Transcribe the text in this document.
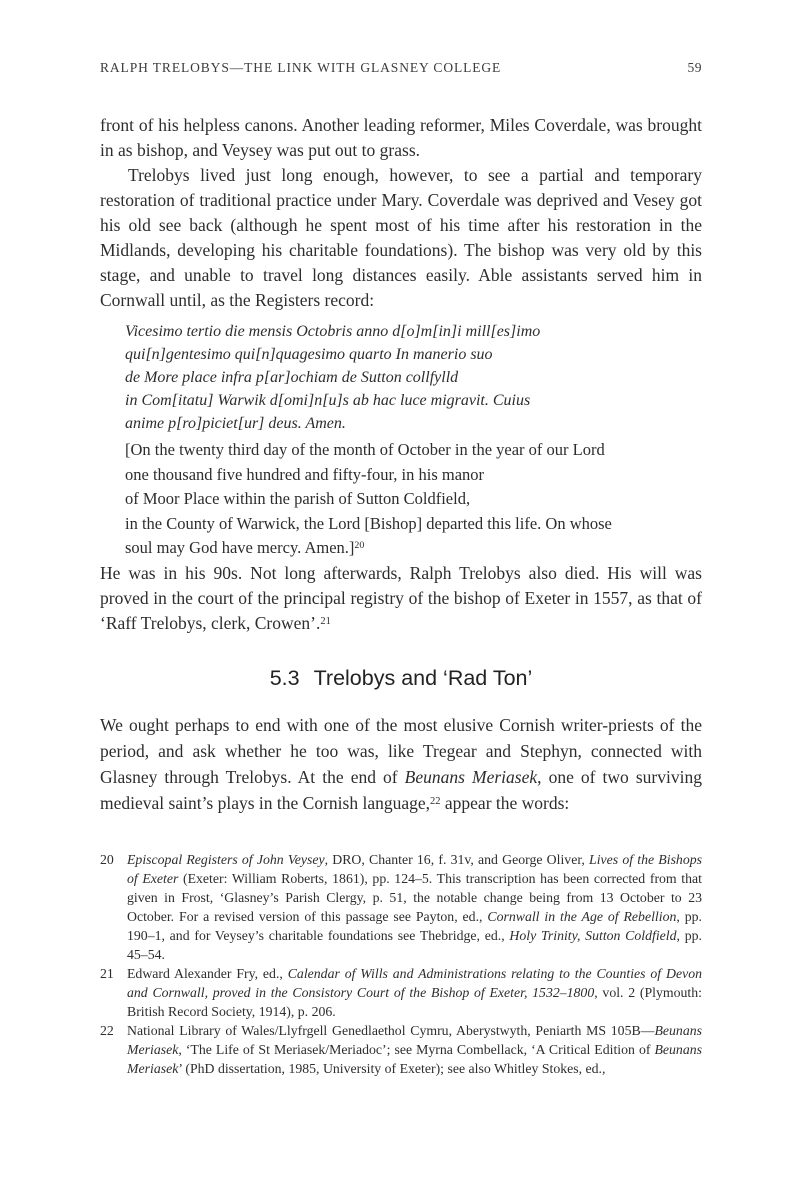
RALPH TRELOBYS—THE LINK WITH GLASNEY COLLEGE	59

front of his helpless canons. Another leading reformer, Miles Coverdale, was brought in as bishop, and Veysey was put out to grass.

Trelobys lived just long enough, however, to see a partial and temporary restoration of traditional practice under Mary. Coverdale was deprived and Vesey got his old see back (although he spent most of his time after his restoration in the Midlands, developing his charitable foundations). The bishop was very old by this stage, and unable to travel long distances easily. Able assistants served him in Cornwall until, as the Registers record:

Vicesimo tertio die mensis Octobris anno d[o]m[in]i mill[es]imo
qui[n]gentesimo qui[n]quagesimo quarto In manerio suo
de More place infra p[ar]ochiam de Sutton collfylld
in Com[itatu] Warwik d[omi]n[u]s ab hac luce migravit. Cuius
anime p[ro]piciet[ur] deus. Amen.
[On the twenty third day of the month of October in the year of our Lord
one thousand five hundred and fifty-four, in his manor
of Moor Place within the parish of Sutton Coldfield,
in the County of Warwick, the Lord [Bishop] departed this life. On whose
soul may God have mercy. Amen.]$^{20}$

He was in his 90s. Not long afterwards, Ralph Trelobys also died. His will was proved in the court of the principal registry of the bishop of Exeter in 1557, as that of ‘Raff Trelobys, clerk, Crowen’.$^{21}$

5.3 Trelobys and ‘Rad Ton’

We ought perhaps to end with one of the most elusive Cornish writer-priests of the period, and ask whether he too was, like Tregear and Stephyn, connected with Glasney through Trelobys. At the end of Beunans Meriasek, one of two surviving medieval saint’s plays in the Cornish language,$^{22}$ appear the words:

20 Episcopal Registers of John Veysey, DRO, Chanter 16, f. 31v, and George Oliver, Lives of the Bishops of Exeter (Exeter: William Roberts, 1861), pp. 124–5. This transcription has been corrected from that given in Frost, ‘Glasney’s Parish Clergy, p. 51, the notable change being from 13 October to 23 October. For a revised version of this passage see Payton, ed., Cornwall in the Age of Rebellion, pp. 190–1, and for Veysey’s charitable foundations see Thebridge, ed., Holy Trinity, Sutton Coldfield, pp. 45–54.
21 Edward Alexander Fry, ed., Calendar of Wills and Administrations relating to the Counties of Devon and Cornwall, proved in the Consistory Court of the Bishop of Exeter, 1532–1800, vol. 2 (Plymouth: British Record Society, 1914), p. 206.
22 National Library of Wales/Llyfrgell Genedlaethol Cymru, Aberystwyth, Peniarth MS 105B—Beunans Meriasek, ‘The Life of St Meriasek/Meriadoc’; see Myrna Combellack, ‘A Critical Edition of Beunans Meriasek’ (PhD dissertation, 1985, University of Exeter); see also Whitley Stokes, ed.,
